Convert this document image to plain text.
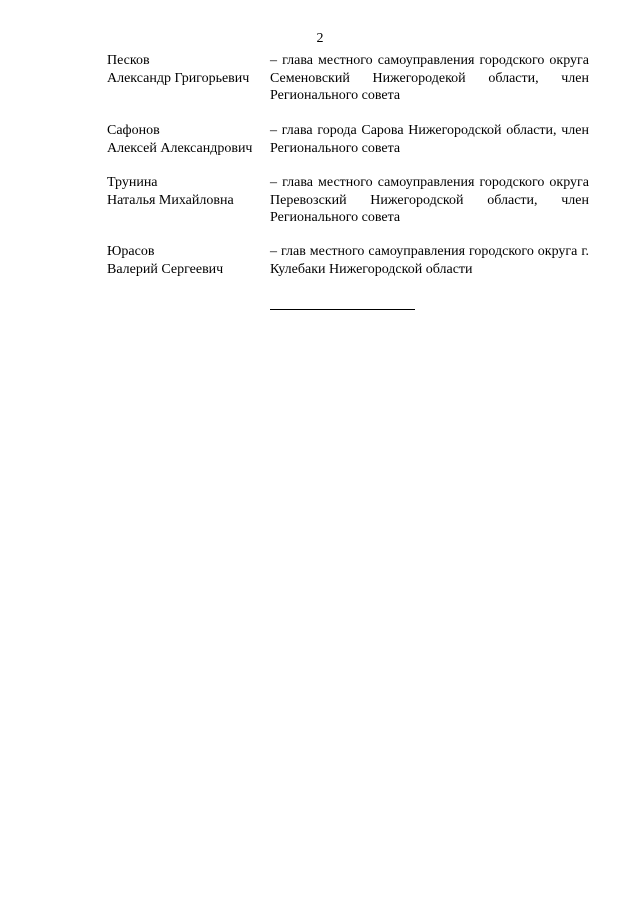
2
Песков
Александр Григорьевич
– глава местного самоуправления городского округа Семеновский Нижегородекой области, член Регионального совета
Сафонов
Алексей Александрович
– глава города Сарова Нижегородской области, член Регионального совета
Трунина
Наталья Михайловна
– глава местного самоуправления городского округа Перевозский Нижегородской области, член Регионального совета
Юрасов
Валерий Сергеевич
– глав местного самоуправления городского округа г. Кулебаки Нижегородской области
